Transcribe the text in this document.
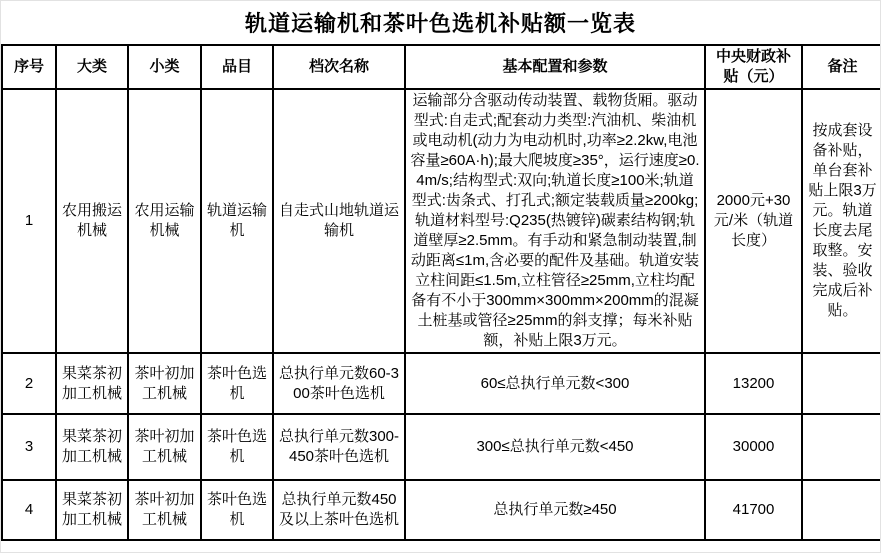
轨道运输机和茶叶色选机补贴额一览表
序号	大类	小类	品目	档次名称	基本配置和参数	中央财政补贴（元）	备注
1	农用搬运机械	农用运输机械	轨道运输机	自走式山地轨道运输机	运输部分含驱动传动装置、载物货厢。驱动型式:自走式;配套动力类型:汽油机、柴油机或电动机(动力为电动机时,功率≥2.2kw,电池容量≥60A·h);最大爬坡度≥35°，运行速度≥0.4m/s;结构型式:双向;轨道长度≥100米;轨道型式:齿条式、打孔式;额定装载质量≥200kg;轨道材料型号:Q235(热镀锌)碳素结构钢;轨道壁厚≥2.5mm。有手动和紧急制动装置,制动距离≤1m,含必要的配件及基础。轨道安装立柱间距≤1.5m,立柱管径≥25mm,立柱均配备有不小于300mm×300mm×200mm的混凝土桩基或管径≥25mm的斜支撑；每米补贴额，补贴上限3万元。	2000元+30元/米（轨道长度）	按成套设备补贴，单台套补贴上限3万元。轨道长度去尾取整。安装、验收完成后补贴。
2	果菜茶初加工机械	茶叶初加工机械	茶叶色选机	总执行单元数60-300茶叶色选机	60≤总执行单元数<300	13200	
3	果菜茶初加工机械	茶叶初加工机械	茶叶色选机	总执行单元数300-450茶叶色选机	300≤总执行单元数<450	30000	
4	果菜茶初加工机械	茶叶初加工机械	茶叶色选机	总执行单元数450及以上茶叶色选机	总执行单元数≥450	41700	
